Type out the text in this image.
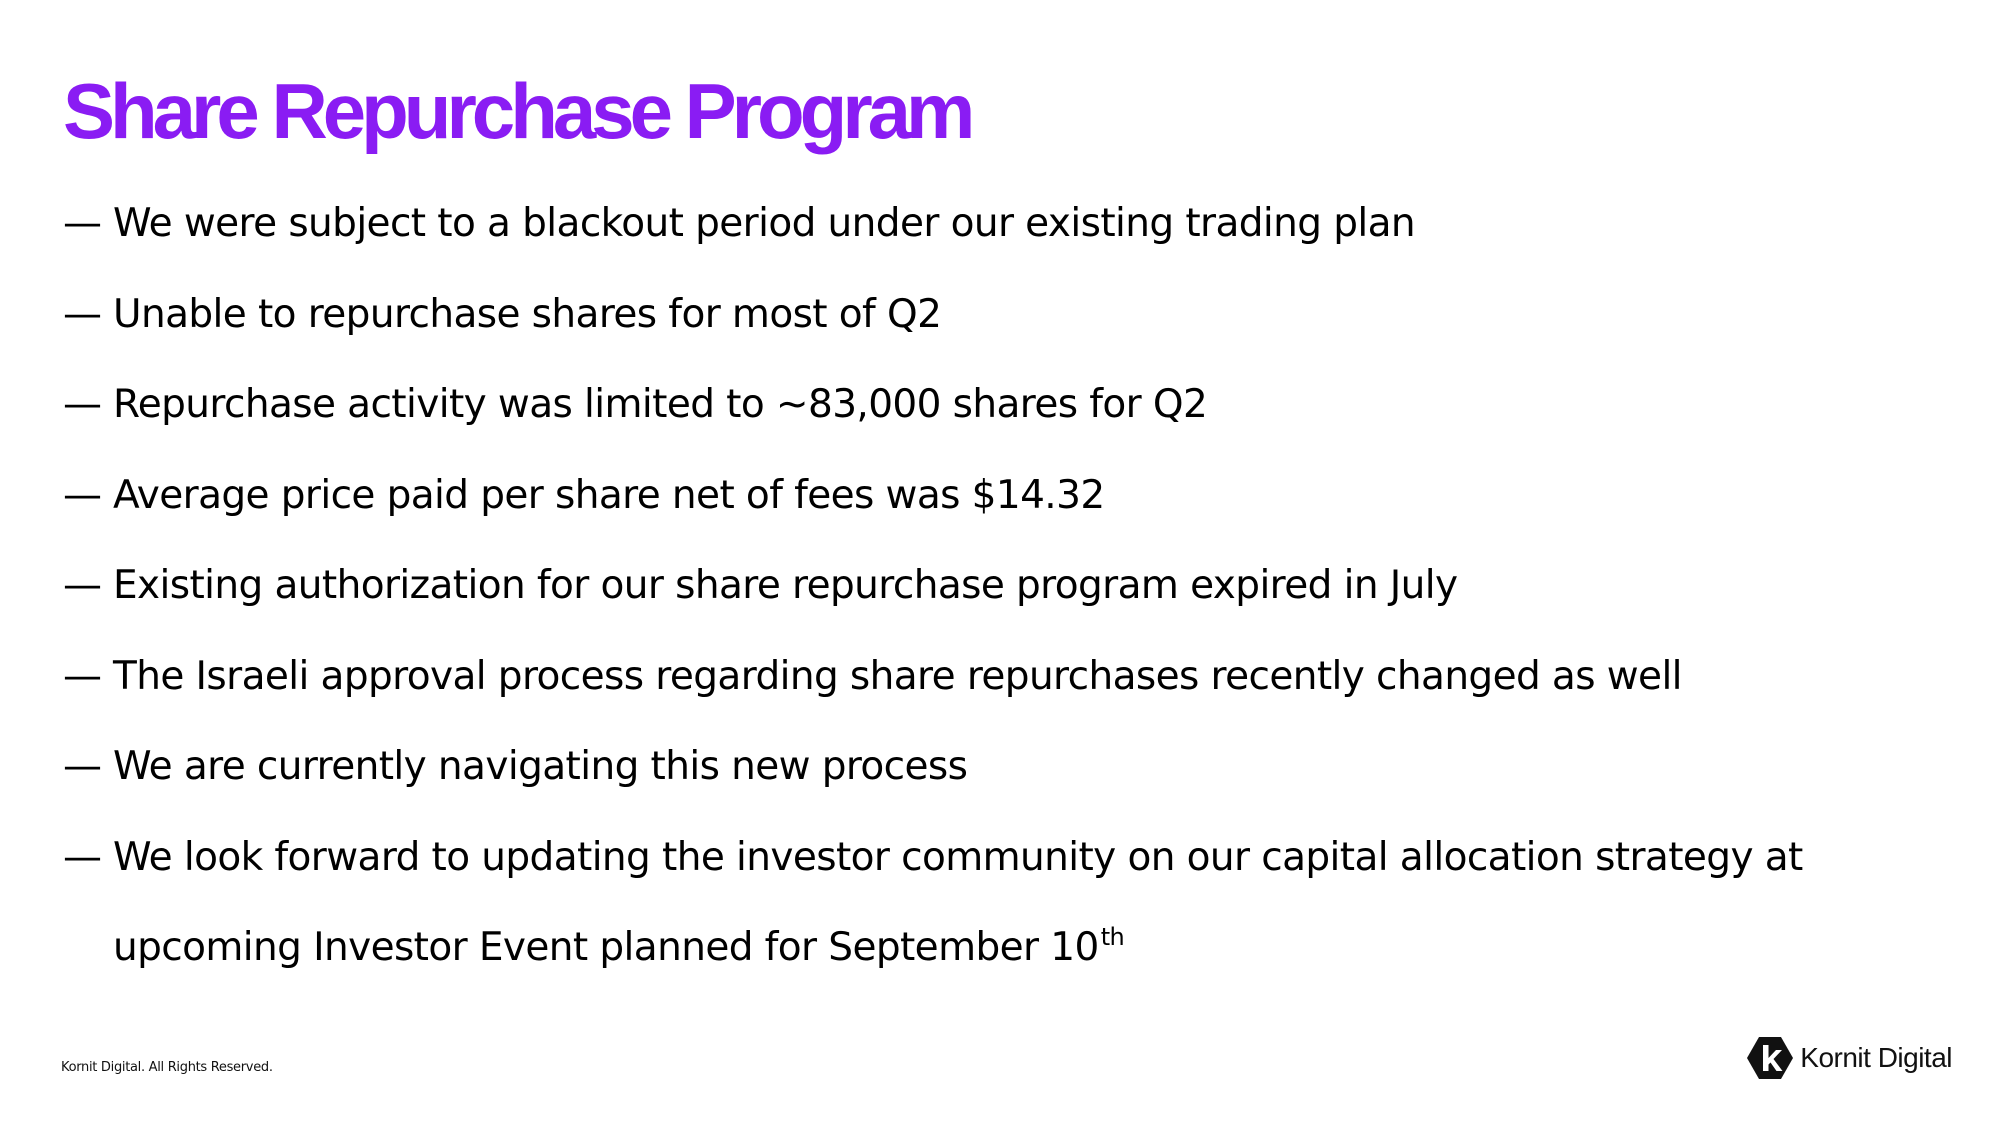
Share Repurchase Program
— We were subject to a blackout period under our existing trading plan
— Unable to repurchase shares for most of Q2
— Repurchase activity was limited to ~83,000 shares for Q2
— Average price paid per share net of fees was $14.32
— Existing authorization for our share repurchase program expired in July
— The Israeli approval process regarding share repurchases recently changed as well
— We are currently navigating this new process
— We look forward to updating the investor community on our capital allocation strategy at
upcoming Investor Event planned for September 10th
Kornit Digital. All Rights Reserved.	Kornit Digital
